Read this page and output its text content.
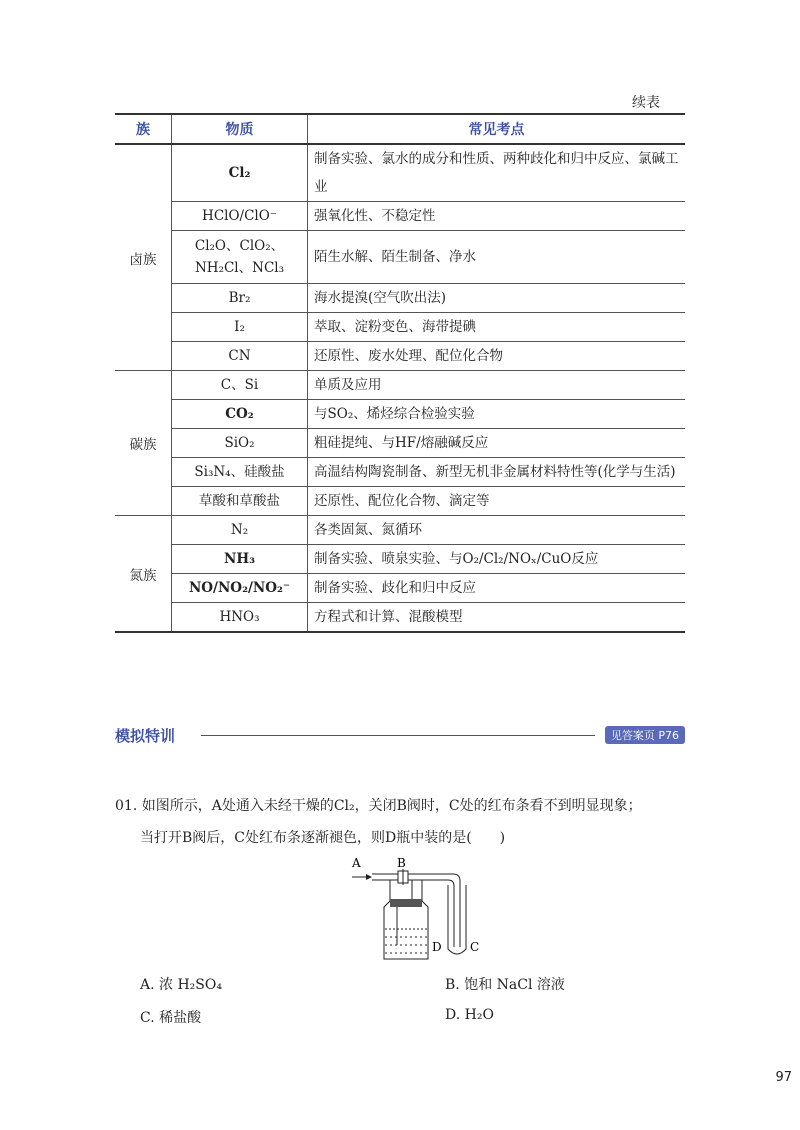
续表
族	物质	常见考点
卤族	Cl₂	制备实验、氯水的成分和性质、两种歧化和归中反应、氯碱工业
	HClO/ClO⁻	强氧化性、不稳定性
	Cl₂O、ClO₂、NH₂Cl、NCl₃	陌生水解、陌生制备、净水
	Br₂	海水提溴(空气吹出法)
	I₂	萃取、淀粉变色、海带提碘
	CN	还原性、废水处理、配位化合物
碳族	C、Si	单质及应用
	CO₂	与SO₂、烯烃综合检验实验
	SiO₂	粗硅提纯、与HF/熔融碱反应
	Si₃N₄、硅酸盐	高温结构陶瓷制备、新型无机非金属材料特性等(化学与生活)
	草酸和草酸盐	还原性、配位化合物、滴定等
氮族	N₂	各类固氮、氮循环
	NH₃	制备实验、喷泉实验、与O₂/Cl₂/NOₓ/CuO反应
	NO/NO₂/NO₂⁻	制备实验、歧化和归中反应
	HNO₃	方程式和计算、混酸模型
模拟特训	见答案页 P76
01. 如图所示，A处通入未经干燥的Cl₂，关闭B阀时，C处的红布条看不到明显现象；
当打开B阀后，C处红布条逐渐褪色，则D瓶中装的是(　　)
A	B
D C
A. 浓 H₂SO₄	B. 饱和 NaCl 溶液
C. 稀盐酸	D. H₂O
97
